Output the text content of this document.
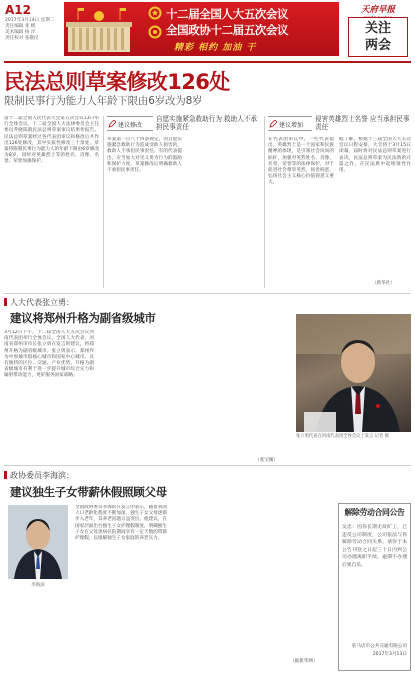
A12
2017年3月14日 星期二
责任编辑 张 帆
美术编辑 杨 洋
责任校对 张敬民
十二届全国人大五次会议
全国政协十二届五次会议
精彩 相约 加油 干
天府早报
TIANFU ZAOBAO
关注
两会
民法总则草案修改126处
限制民事行为能力人年龄下限由6岁改为8岁
第十二届全国人民代表大会第五次会议13日举行全体会议。十二届全国人大法律委员会主任委员乔晓阳就民法总则草案审议结果作报告。民法总则草案经过各代表团审议和修改后共作出126处修改，其中实质性修改三十余处。草案将限制民事行为能力人的年龄下限由6岁修改为8岁，同时对英雄烈士等的姓名、肖像、名誉、荣誉加强保护。
建议修改
自愿实施紧急救助行为 救助人不承担民事责任
草案第一百八十四条规定，因自愿实施紧急救助行为造成受助人损害的，救助人不承担民事责任。有的代表提出，应当加大对见义勇为行为的鼓励和保护力度，草案修改后明确救助人不承担民事责任。
建议增加
侵害英雄烈士名誉 应当承担民事责任
在代表团审议中，一些代表提出，英雄烈士是一个国家和民族精神的体现，是引领社会风尚的标杆，加强对英烈姓名、肖像、名誉、荣誉等的法律保护，对于促进社会尊崇英烈，扬善抑恶，弘扬社会主义核心价值观意义重大。
据了解，根据十三届全国人大五次会议日程安排，大会将于3月15日闭幕，届时将对民法总则草案进行表决。民法总则草案为民法典的开篇之作，在民法典中起统领性作用。
（新华社）
人大代表张立勇：
建议将郑州升格为副省级城市
3月12日下午，十二届全国人大五次会议河南代表团举行全体会议，全国人大代表、河南省郑州市市长张立勇在发言时建议，将郑州升格为副省级城市。张立勇表示，郑州作为中原城市群核心城市和国家中心城市，具有独特的区位、交通、产业优势，升格为副省级城市有利于进一步提升城市综合实力和辐射带动能力，更好服务国家战略。
（张宝刚）
张立勇代表在河南代表团全体会议上发言 记者 摄
政协委员李海滨：
建议独生子女带薪休假照顾父母
李海滨
全国政协委员李海滨在发言中表示，随着我国人口老龄化程度不断加深，独生子女父母逐渐步入老年，其养老问题日益突出。他建议，在国家层面出台独生子女护理假制度，明确独生子女在父母患病住院期间享有一定天数的带薪护理假，以缓解独生子女家庭的养老压力。
（据新华网）
解除劳动合同公告
吴忠：因你长期无故旷工，已违反公司制度，公司依法与你解除劳动合同关系。请你于本公告刊登之日起三十日内到公司办理离职手续，逾期不办理后果自负。
驻马店市公共交通有限公司
2017年3月13日
